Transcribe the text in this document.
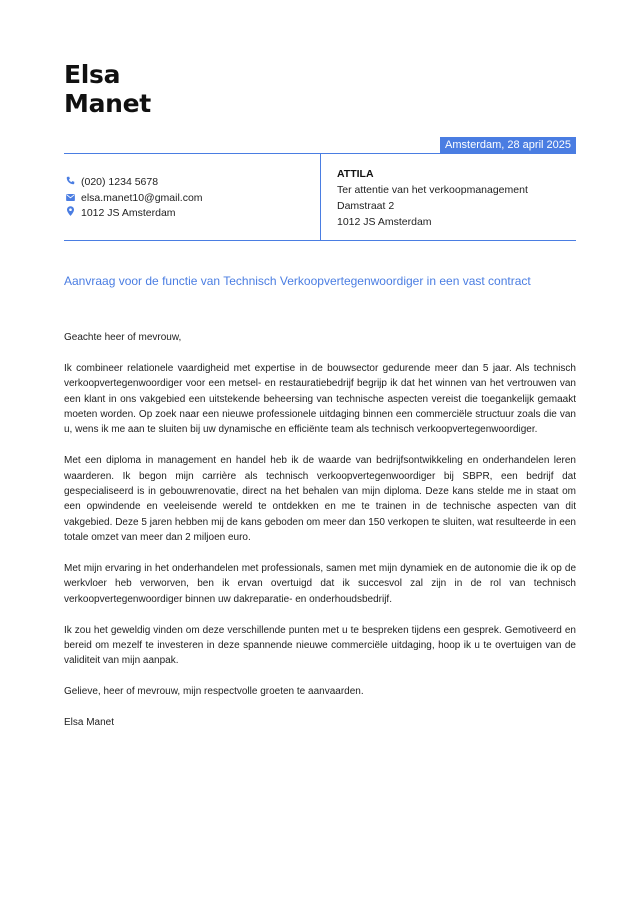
Elsa
Manet
Amsterdam, 28 april 2025
(020) 1234 5678
elsa.manet10@gmail.com
1012 JS Amsterdam
ATTILA
Ter attentie van het verkoopmanagement
Damstraat 2
1012 JS Amsterdam
Aanvraag voor de functie van Technisch Verkoopvertegenwoordiger in een vast contract

Geachte heer of mevrouw,

Ik combineer relationele vaardigheid met expertise in de bouwsector gedurende meer dan 5 jaar. Als technisch verkoopvertegenwoordiger voor een metsel- en restauratiebedrijf begrijp ik dat het winnen van het vertrouwen van een klant in ons vakgebied een uitstekende beheersing van technische aspecten vereist die toegankelijk gemaakt moeten worden. Op zoek naar een nieuwe professionele uitdaging binnen een commerciële structuur zoals die van u, wens ik me aan te sluiten bij uw dynamische en efficiënte team als technisch verkoopvertegenwoordiger.

Met een diploma in management en handel heb ik de waarde van bedrijfsontwikkeling en onderhandelen leren waarderen. Ik begon mijn carrière als technisch verkoopvertegenwoordiger bij SBPR, een bedrijf dat gespecialiseerd is in gebouwrenovatie, direct na het behalen van mijn diploma. Deze kans stelde me in staat om een opwindende en veeleisende wereld te ontdekken en me te trainen in de technische aspecten van dit vakgebied. Deze 5 jaren hebben mij de kans geboden om meer dan 150 verkopen te sluiten, wat resulteerde in een totale omzet van meer dan 2 miljoen euro.

Met mijn ervaring in het onderhandelen met professionals, samen met mijn dynamiek en de autonomie die ik op de werkvloer heb verworven, ben ik ervan overtuigd dat ik succesvol zal zijn in de rol van technisch verkoopvertegenwoordiger binnen uw dakreparatie- en onderhoudsbedrijf.

Ik zou het geweldig vinden om deze verschillende punten met u te bespreken tijdens een gesprek. Gemotiveerd en bereid om mezelf te investeren in deze spannende nieuwe commerciële uitdaging, hoop ik u te overtuigen van de validiteit van mijn aanpak.

Gelieve, heer of mevrouw, mijn respectvolle groeten te aanvaarden.

Elsa Manet
